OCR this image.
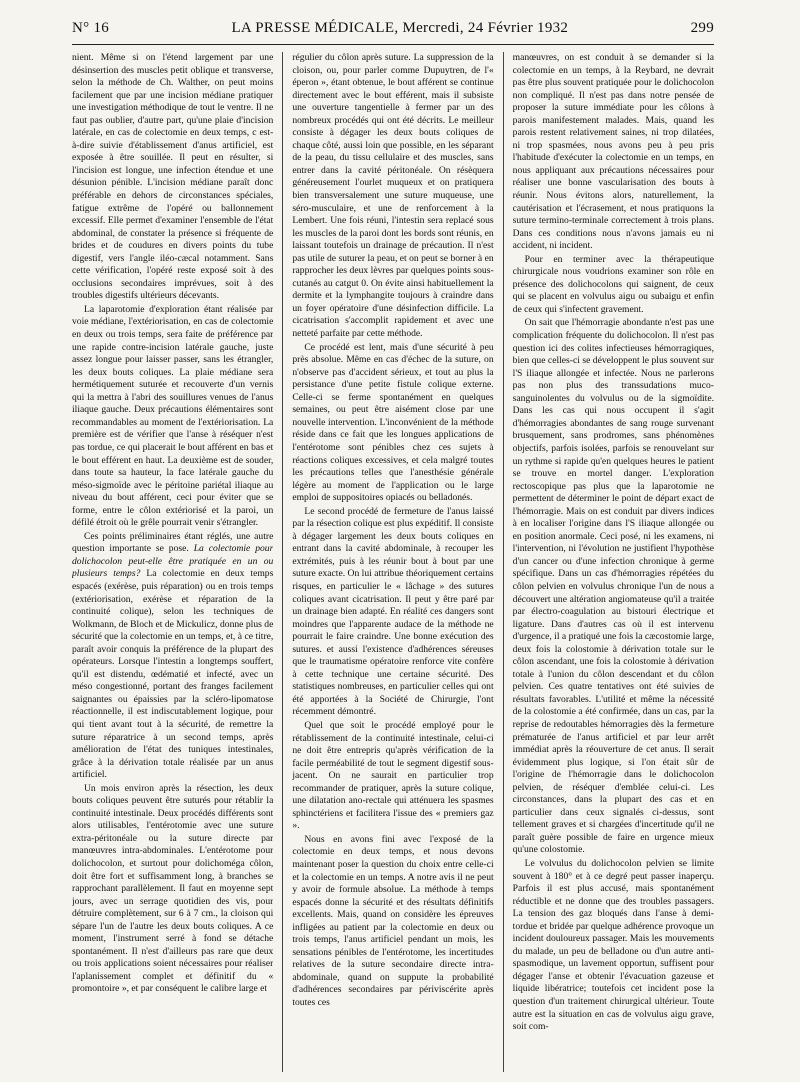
N° 16	LA PRESSE MÉDICALE, Mercredi, 24 Février 1932	299

nient. Même si on l'étend largement par une désinsertion des muscles petit oblique et transverse, selon la méthode de Ch. Walther, on peut moins facilement que par une incision médiane pratiquer une investigation méthodique de tout le ventre. Il ne faut pas oublier, d'autre part, qu'une plaie d'incision latérale, en cas de colectomie en deux temps, c est-à-dire suivie d'établissement d'anus artificiel, est exposée à être souillée. Il peut en résulter, si l'incision est longue, une infection étendue et une désunion pénible. L'incision médiane paraît donc préférable en dehors de circonstances spéciales, fatigue extrême de l'opéré ou ballonnement excessif. Elle permet d'examiner l'ensemble de l'état abdominal, de constater la présence si fréquente de brides et de coudures en divers points du tube digestif, vers l'angle iléo-cæcal notamment. Sans cette vérification, l'opéré reste exposé soit à des occlusions secondaires imprévues, soit à des troubles digestifs ultérieurs décevants.

La laparotomie d'exploration étant réalisée par voie médiane, l'extériorisation, en cas de colectomie en deux ou trois temps, sera faite de préférence par une rapide contre-incision latérale gauche, juste assez longue pour laisser passer, sans les étrangler, les deux bouts coliques. La plaie médiane sera hermétiquement suturée et recouverte d'un vernis qui la mettra à l'abri des souillures venues de l'anus iliaque gauche. Deux précautions élémentaires sont recommandables au moment de l'extériorisation. La première est de vérifier que l'anse à réséquer n'est pas tordue, ce qui placerait le bout afférent en bas et le bout efférent en haut. La deuxième est de souder, dans toute sa hauteur, la face latérale gauche du méso-sigmoïde avec le péritoine pariétal iliaque au niveau du bout afférent, ceci pour éviter que se forme, entre le côlon extériorisé et la paroi, un défilé étroit où le grêle pourrait venir s'étrangler.

Ces points préliminaires étant réglés, une autre question importante se pose. La colectomie pour dolichocolon peut-elle être pratiquée en un ou plusieurs temps? La colectomie en deux temps espacés (exérèse, puis réparation) ou en trois temps (extériorisation, exérèse et réparation de la continuité colique), selon les techniques de Wolkmann, de Bloch et de Mickulicz, donne plus de sécurité que la colectomie en un temps, et, à ce titre, paraît avoir conquis la préférence de la plupart des opérateurs. Lorsque l'intestin a longtemps souffert, qu'il est distendu, œdématié et infecté, avec un méso congestionné, portant des franges facilement saignantes ou épaissies par la scléro-lipomatose réactionnelle, il est indiscutablement logique, pour qui tient avant tout à la sécurité, de remettre la suture réparatrice à un second temps, après amélioration de l'état des tuniques intestinales, grâce à la dérivation totale réalisée par un anus artificiel.

Un mois environ après la résection, les deux bouts coliques peuvent être suturés pour rétablir la continuité intestinale. Deux procédés différents sont alors utilisables, l'entérotomie avec une suture extra-péritonéale ou la suture directe par manœuvres intra-abdominales. L'entérotome pour dolichocolon, et surtout pour dolichoméga côlon, doit être fort et suffisamment long, à branches se rapprochant parallèlement. Il faut en moyenne sept jours, avec un serrage quotidien des vis, pour détruire complètement, sur 6 à 7 cm., la cloison qui sépare l'un de l'autre les deux bouts coliques. A ce moment, l'instrument serré à fond se détache spontanément. Il n'est d'ailleurs pas rare que deux ou trois applications soient nécessaires pour réaliser l'aplanissement complet et définitif du « promontoire », et par conséquent le calibre large et

régulier du côlon après suture. La suppression de la cloison, ou, pour parler comme Dupuytren, de l'« éperon », étant obtenue, le bout afférent se continue directement avec le bout efférent, mais il subsiste une ouverture tangentielle à fermer par un des nombreux procédés qui ont été décrits. Le meilleur consiste à dégager les deux bouts coliques de chaque côté, aussi loin que possible, en les séparant de la peau, du tissu cellulaire et des muscles, sans entrer dans la cavité péritonéale. On résèquera généreusement l'ourlet muqueux et on pratiquera bien transversalement une suture muqueuse, une séro-musculaire, et une de renforcement à la Lembert. Une fois réuni, l'intestin sera replacé sous les muscles de la paroi dont les bords sont réunis, en laissant toutefois un drainage de précaution. Il n'est pas utile de suturer la peau, et on peut se borner à en rapprocher les deux lèvres par quelques points sous-cutanés au catgut 0. On évite ainsi habituellement la dermite et la lymphangite toujours à craindre dans un foyer opératoire d'une désinfection difficile. La cicatrisation s'accomplit rapidement et avec une netteté parfaite par cette méthode.

Ce procédé est lent, mais d'une sécurité à peu près absolue. Même en cas d'échec de la suture, on n'observe pas d'accident sérieux, et tout au plus la persistance d'une petite fistule colique externe. Celle-ci se ferme spontanément en quelques semaines, ou peut être aisément close par une nouvelle intervention. L'inconvénient de la méthode réside dans ce fait que les longues applications de l'entérotome sont pénibles chez ces sujets à réactions coliques excessives, et cela malgré toutes les précautions telles que l'anesthésie générale légère au moment de l'application ou le large emploi de suppositoires opiacés ou belladonés.

Le second procédé de fermeture de l'anus laissé par la résection colique est plus expéditif. Il consiste à dégager largement les deux bouts coliques en entrant dans la cavité abdominale, à recouper les extrémités, puis à les réunir bout à bout par une suture exacte. On lui attribue théoriquement certains risques, en particulier le « lâchage » des sutures coliques avant cicatrisation. Il peut y être paré par un drainage bien adapté. En réalité ces dangers sont moindres que l'apparente audace de la méthode ne pourrait le faire craindre. Une bonne exécution des sutures. et aussi l'existence d'adhérences séreuses que le traumatisme opératoire renforce vite confère à cette technique une certaine sécurité. Des statistiques nombreuses, en particulier celles qui ont été apportées à la Société de Chirurgie, l'ont récemment démontré.

Quel que soit le procédé employé pour le rétablissement de la continuité intestinale, celui-ci ne doit être entrepris qu'après vérification de la facile perméabilité de tout le segment digestif sous-jacent. On ne saurait en particulier trop recommander de pratiquer, après la suture colique, une dilatation ano-rectale qui atténuera les spasmes sphinctériens et facilitera l'issue des « premiers gaz ».

Nous en avons fini avec l'exposé de la colectomie en deux temps, et nous devons maintenant poser la question du choix entre celle-ci et la colectomie en un temps. A notre avis il ne peut y avoir de formule absolue. La méthode à temps espacés donne la sécurité et des résultats définitifs excellents. Mais, quand on considère les épreuves infligées au patient par la colectomie en deux ou trois temps, l'anus artificiel pendant un mois, les sensations pénibles de l'entérotome, les incertitudes relatives de la suture secondaire directe intra-abdominale, quand on suppute la probabilité d'adhérences secondaires par périviscérite après toutes ces

manœuvres, on est conduit à se demander si la colectomie en un temps, à la Reybard, ne devrait pas être plus souvent pratiquée pour le dolichocolon non compliqué. Il n'est pas dans notre pensée de proposer la suture immédiate pour les côlons à parois manifestement malades. Mais, quand les parois restent relativement saines, ni trop dilatées, ni trop spasmées, nous avons peu à peu pris l'habitude d'exécuter la colectomie en un temps, en nous appliquant aux précautions nécessaires pour réaliser une bonne vascularisation des bouts à réunir. Nous évitons alors, naturellement, la cautérisation et l'écrasement, et nous pratiquons la suture termino-terminale correctement à trois plans. Dans ces conditions nous n'avons jamais eu ni accident, ni incident.

Pour en terminer avec la thérapeutique chirurgicale nous voudrions examiner son rôle en présence des dolichocolons qui saignent, de ceux qui se placent en volvulus aigu ou subaigu et enfin de ceux qui s'infectent gravement.

On sait que l'hémorragie abondante n'est pas une complication fréquente du dolichocolon. Il n'est pas question ici des colites infectieuses hémorragiques, bien que celles-ci se développent le plus souvent sur l'S iliaque allongée et infectée. Nous ne parlerons pas non plus des transsudations muco-sanguinolentes du volvulus ou de la sigmoïdite. Dans les cas qui nous occupent il s'agit d'hémorragies abondantes de sang rouge survenant brusquement, sans prodromes, sans phénomènes objectifs, parfois isolées, parfois se renouvelant sur un rythme si rapide qu'en quelques heures le patient se trouve en mortel danger. L'exploration rectoscopique pas plus que la laparotomie ne permettent de déterminer le point de départ exact de l'hémorragie. Mais on est conduit par divers indices à en localiser l'origine dans l'S iliaque allongée ou en position anormale. Ceci posé, ni les examens, ni l'intervention, ni l'évolution ne justifient l'hypothèse d'un cancer ou d'une infection chronique à germe spécifique. Dans un cas d'hémorragies répétées du côlon pelvien en volvulus chronique l'un de nous a découvert une altération angiomateuse qu'il a traitée par électro-coagulation au bistouri électrique et ligature. Dans d'autres cas où il est intervenu d'urgence, il a pratiqué une fois la cæcostomie large, deux fois la colostomie à dérivation totale sur le côlon ascendant, une fois la colostomie à dérivation totale à l'union du côlon descendant et du côlon pelvien. Ces quatre tentatives ont été suivies de résultats favorables. L'utilité et même la nécessité de la colostomie a été confirmée, dans un cas, par la reprise de redoutables hémorragies dès la fermeture prématurée de l'anus artificiel et par leur arrêt immédiat après la réouverture de cet anus. Il serait évidemment plus logique, si l'on était sûr de l'origine de l'hémorragie dans le dolichocolon pelvien, de réséquer d'emblée celui-ci. Les circonstances, dans la plupart des cas et en particulier dans ceux signalés ci-dessus, sont tellement graves et si chargées d'incertitude qu'il ne paraît guère possible de faire en urgence mieux qu'une colostomie.

Le volvulus du dolichocolon pelvien se limite souvent à 180° et à ce degré peut passer inaperçu. Parfois il est plus accusé, mais spontanément réductible et ne donne que des troubles passagers. La tension des gaz bloqués dans l'anse à demi-tordue et bridée par quelque adhérence provoque un incident douloureux passager. Mais les mouvements du malade, un peu de belladone ou d'un autre anti-spasmodique, un lavement opportun, suffisent pour dégager l'anse et obtenir l'évacuation gazeuse et liquide libératrice; toutefois cet incident pose la question d'un traitement chirurgical ultérieur. Toute autre est la situation en cas de volvulus aigu grave, soit com-
